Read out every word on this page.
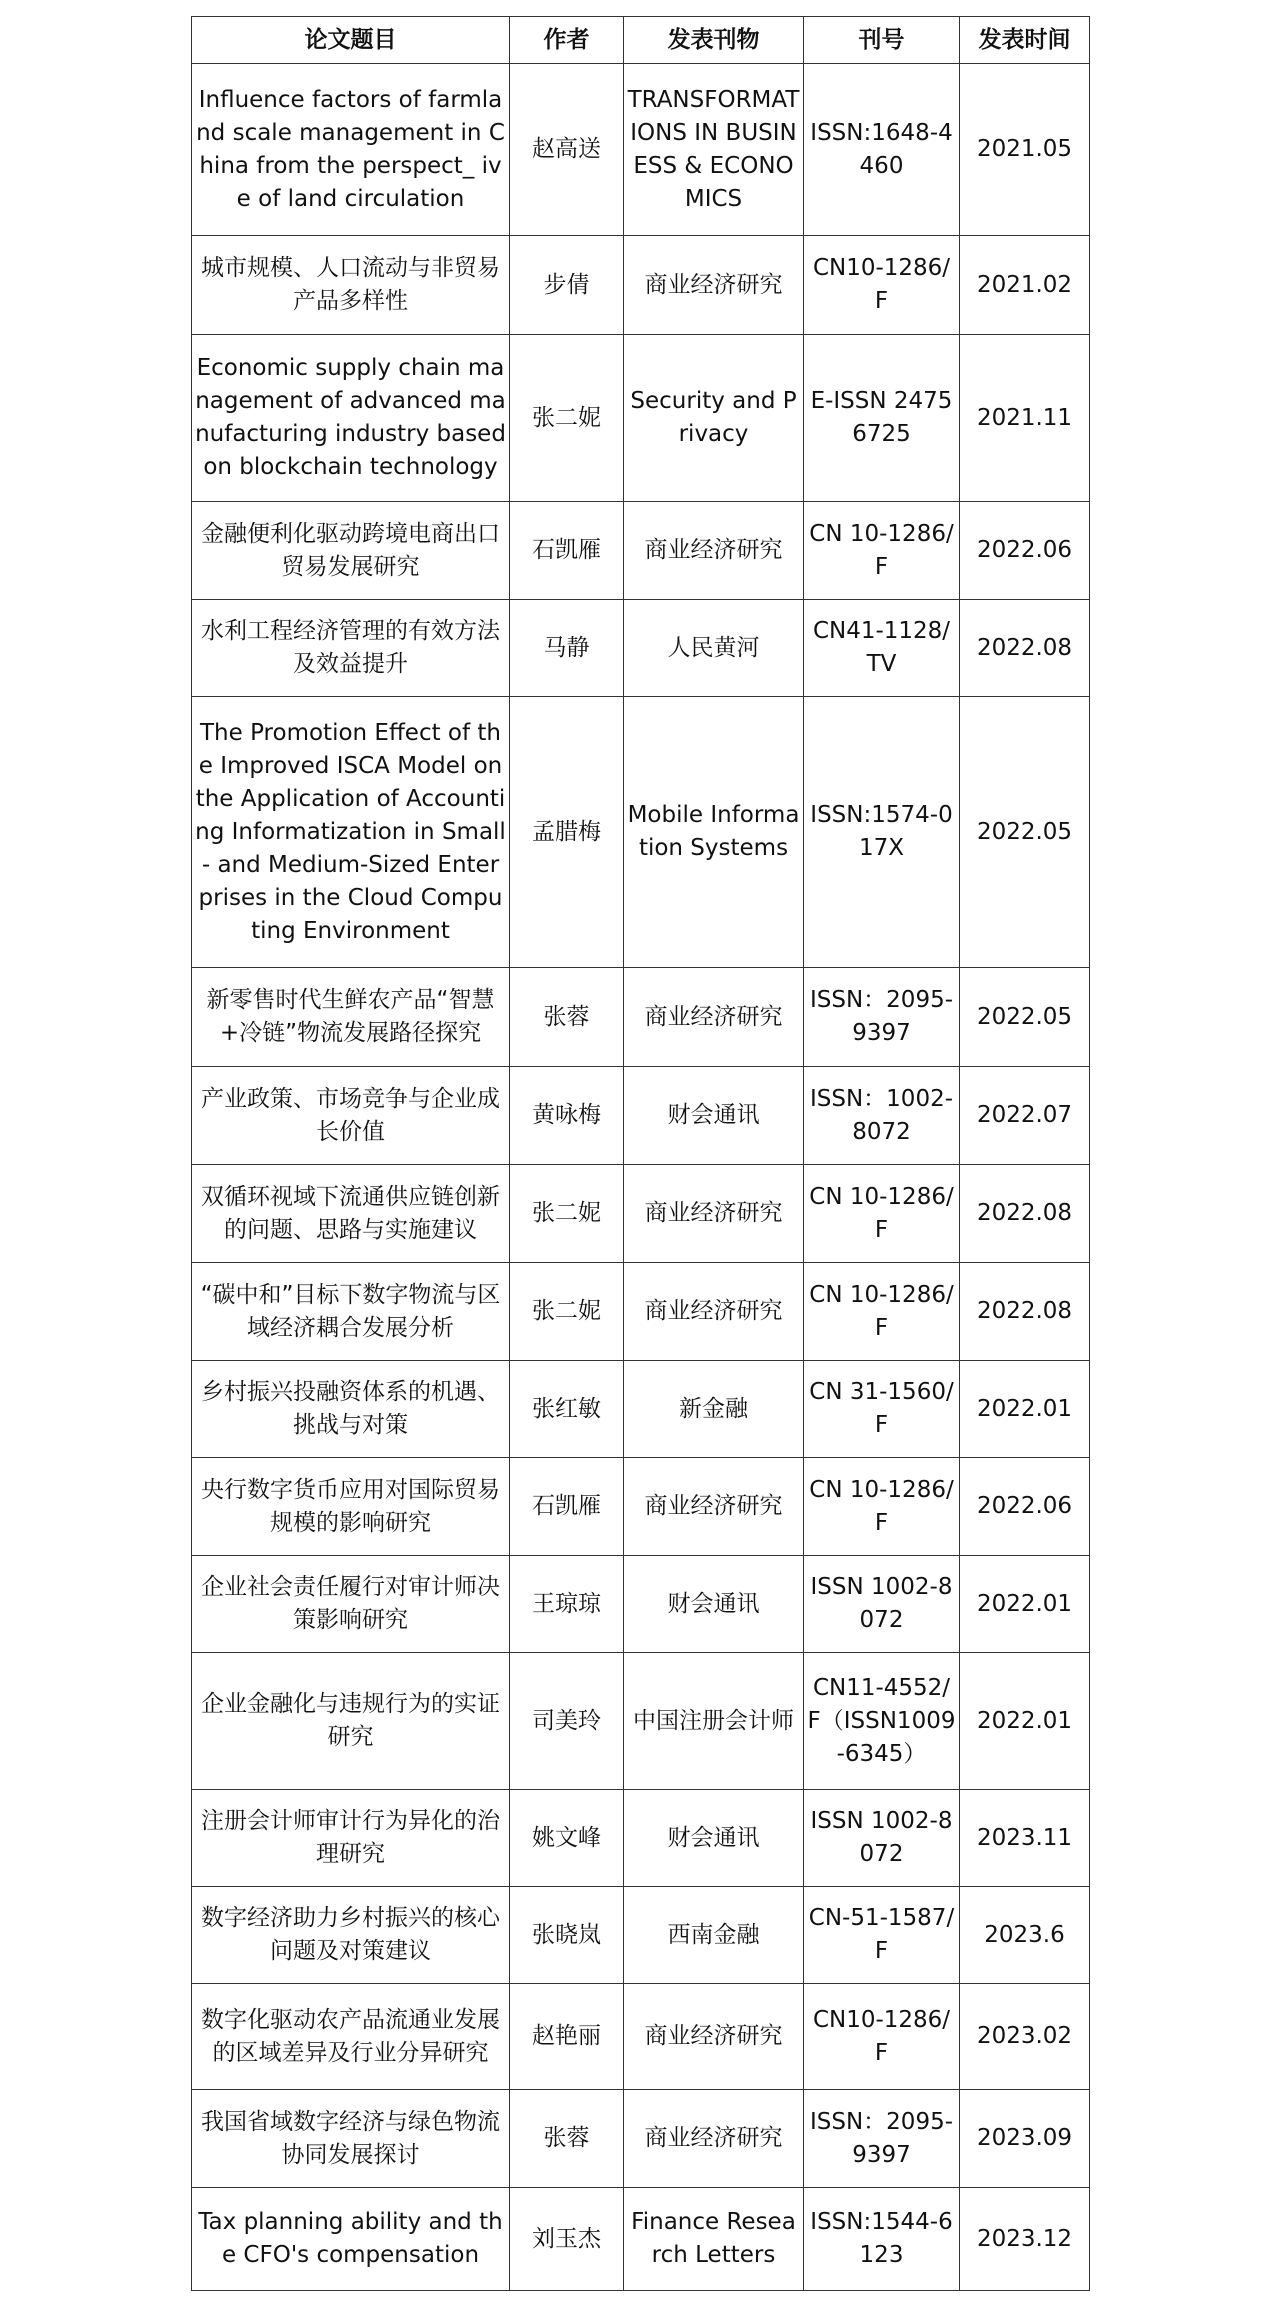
论文题目	作者	发表刊物	刊号	发表时间
Influence factors of farmland scale management in China from the perspect_ ive of land circulation	赵高送	TRANSFORMATIONS IN BUSINESS & ECONOMICS	ISSN:1648-4460	2021.05
城市规模、人口流动与非贸易产品多样性	步倩	商业经济研究	CN10-1286/F	2021.02
Economic supply chain management of advanced manufacturing industry based on blockchain technology	张二妮	Security and Privacy	E-ISSN 24756725	2021.11
金融便利化驱动跨境电商出口贸易发展研究	石凯雁	商业经济研究	CN 10-1286/F	2022.06
水利工程经济管理的有效方法及效益提升	马静	人民黄河	CN41-1128/TV	2022.08
The Promotion Effect of the Improved ISCA Model on the Application of Accounting Informatization in Small- and Medium-Sized Enterprises in the Cloud Computing Environment	孟腊梅	Mobile Information Systems	ISSN:1574-017X	2022.05
新零售时代生鲜农产品“智慧+冷链”物流发展路径探究	张蓉	商业经济研究	ISSN：2095-9397	2022.05
产业政策、市场竞争与企业成长价值	黄咏梅	财会通讯	ISSN：1002-8072	2022.07
双循环视域下流通供应链创新的问题、思路与实施建议	张二妮	商业经济研究	CN 10-1286/F	2022.08
“碳中和”目标下数字物流与区域经济耦合发展分析	张二妮	商业经济研究	CN 10-1286/F	2022.08
乡村振兴投融资体系的机遇、挑战与对策	张红敏	新金融	CN 31-1560/F	2022.01
央行数字货币应用对国际贸易规模的影响研究	石凯雁	商业经济研究	CN 10-1286/F	2022.06
企业社会责任履行对审计师决策影响研究	王琼琼	财会通讯	ISSN 1002-8072	2022.01
企业金融化与违规行为的实证研究	司美玲	中国注册会计师	CN11-4552/F（ISSN1009-6345）	2022.01
注册会计师审计行为异化的治理研究	姚文峰	财会通讯	ISSN 1002-8072	2023.11
数字经济助力乡村振兴的核心问题及对策建议	张晓岚	西南金融	CN-51-1587/F	2023.6
数字化驱动农产品流通业发展的区域差异及行业分异研究	赵艳丽	商业经济研究	CN10-1286/F	2023.02
我国省域数字经济与绿色物流协同发展探讨	张蓉	商业经济研究	ISSN：2095-9397	2023.09
Tax planning ability and the CFO's compensation	刘玉杰	Finance Research Letters	ISSN:1544-6123	2023.12
